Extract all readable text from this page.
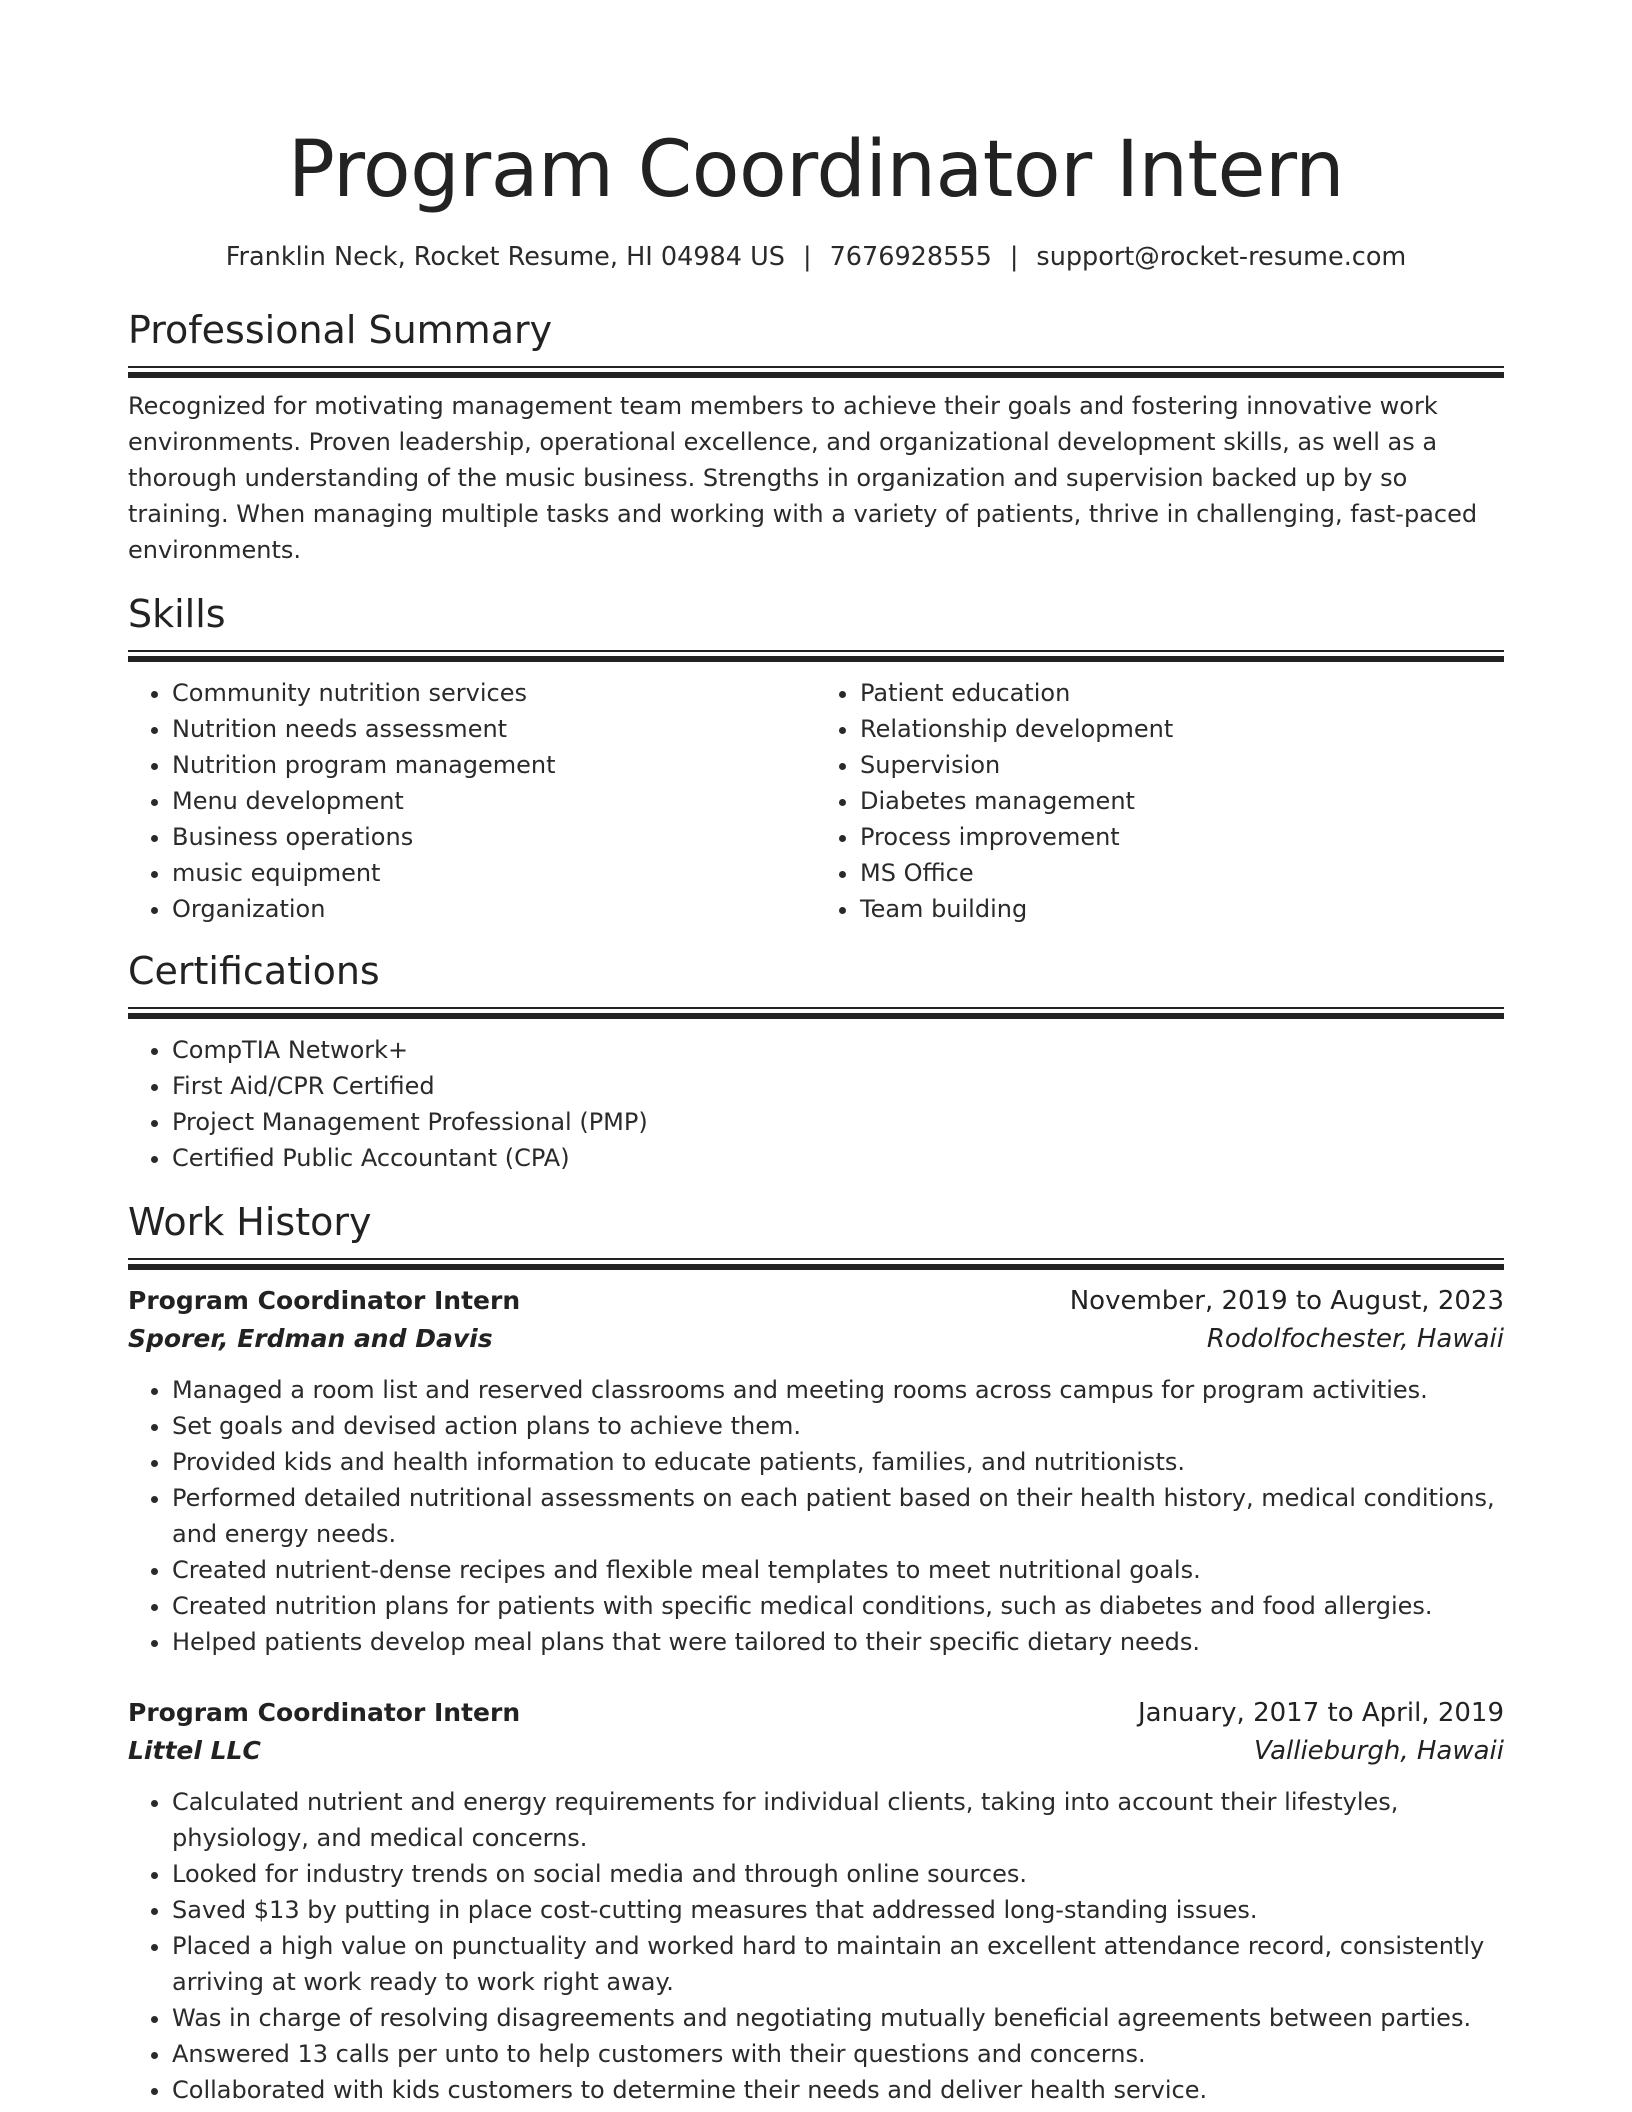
Program Coordinator Intern
Franklin Neck, Rocket Resume, HI 04984 US | 7676928555 | support@rocket-resume.com
Professional Summary

Recognized for motivating management team members to achieve their goals and fostering innovative work environments. Proven leadership, operational excellence, and organizational development skills, as well as a thorough understanding of the music business. Strengths in organization and supervision backed up by so training. When managing multiple tasks and working with a variety of patients, thrive in challenging, fast-paced environments.

Skills
• Community nutrition services
• Nutrition needs assessment
• Nutrition program management
• Menu development
• Business operations
• music equipment
• Organization
• Patient education
• Relationship development
• Supervision
• Diabetes management
• Process improvement
• MS Office
• Team building
Certifications
• CompTIA Network+
• First Aid/CPR Certified
• Project Management Professional (PMP)
• Certified Public Accountant (CPA)
Work History
Program Coordinator Intern	November, 2019 to August, 2023
Sporer, Erdman and Davis	Rodolfochester, Hawaii
• Managed a room list and reserved classrooms and meeting rooms across campus for program activities.
• Set goals and devised action plans to achieve them.
• Provided kids and health information to educate patients, families, and nutritionists.
• Performed detailed nutritional assessments on each patient based on their health history, medical conditions, and energy needs.
• Created nutrient-dense recipes and flexible meal templates to meet nutritional goals.
• Created nutrition plans for patients with specific medical conditions, such as diabetes and food allergies.
• Helped patients develop meal plans that were tailored to their specific dietary needs.
Program Coordinator Intern	January, 2017 to April, 2019
Littel LLC	Vallieburgh, Hawaii
• Calculated nutrient and energy requirements for individual clients, taking into account their lifestyles, physiology, and medical concerns.
• Looked for industry trends on social media and through online sources.
• Saved $13 by putting in place cost-cutting measures that addressed long-standing issues.
• Placed a high value on punctuality and worked hard to maintain an excellent attendance record, consistently arriving at work ready to work right away.
• Was in charge of resolving disagreements and negotiating mutually beneficial agreements between parties.
• Answered 13 calls per unto to help customers with their questions and concerns.
• Collaborated with kids customers to determine their needs and deliver health service.
